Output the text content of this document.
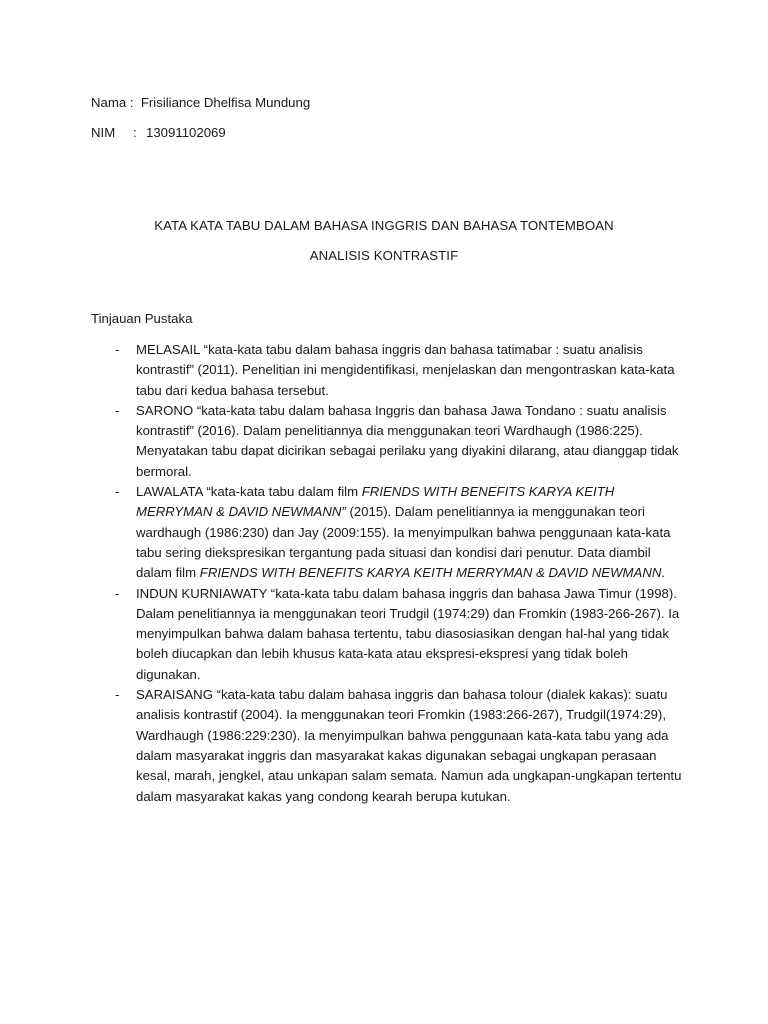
Nama : Frisiliance Dhelfisa Mundung
NIM : 13091102069
KATA KATA TABU DALAM BAHASA INGGRIS DAN BAHASA TONTEMBOAN
ANALISIS KONTRASTIF
Tinjauan Pustaka
- MELASAIL “kata-kata tabu dalam bahasa inggris dan bahasa tatimabar : suatu analisis kontrastif” (2011). Penelitian ini mengidentifikasi, menjelaskan dan mengontraskan kata-kata tabu dari kedua bahasa tersebut.
- SARONO “kata-kata tabu dalam bahasa Inggris dan bahasa Jawa Tondano : suatu analisis kontrastif” (2016). Dalam penelitiannya dia menggunakan teori Wardhaugh (1986:225). Menyatakan tabu dapat dicirikan sebagai perilaku yang diyakini dilarang, atau dianggap tidak bermoral.
- LAWALATA “kata-kata tabu dalam film FRIENDS WITH BENEFITS KARYA KEITH MERRYMAN & DAVID NEWMANN” (2015). Dalam penelitiannya ia menggunakan teori wardhaugh (1986:230) dan Jay (2009:155). Ia menyimpulkan bahwa penggunaan kata-kata tabu sering diekspresikan tergantung pada situasi dan kondisi dari penutur. Data diambil dalam film FRIENDS WITH BENEFITS KARYA KEITH MERRYMAN & DAVID NEWMANN.
- INDUN KURNIAWATY “kata-kata tabu dalam bahasa inggris dan bahasa Jawa Timur (1998). Dalam penelitiannya ia menggunakan teori Trudgil (1974:29) dan Fromkin (1983-266-267). Ia menyimpulkan bahwa dalam bahasa tertentu, tabu diasosiasikan dengan hal-hal yang tidak boleh diucapkan dan lebih khusus kata-kata atau ekspresi-ekspresi yang tidak boleh digunakan.
- SARAISANG “kata-kata tabu dalam bahasa inggris dan bahasa tolour (dialek kakas): suatu analisis kontrastif (2004). Ia menggunakan teori Fromkin (1983:266-267), Trudgil(1974:29), Wardhaugh (1986:229:230). Ia menyimpulkan bahwa penggunaan kata-kata tabu yang ada dalam masyarakat inggris dan masyarakat kakas digunakan sebagai ungkapan perasaan kesal, marah, jengkel, atau unkapan salam semata. Namun ada ungkapan-ungkapan tertentu dalam masyarakat kakas yang condong kearah berupa kutukan.
